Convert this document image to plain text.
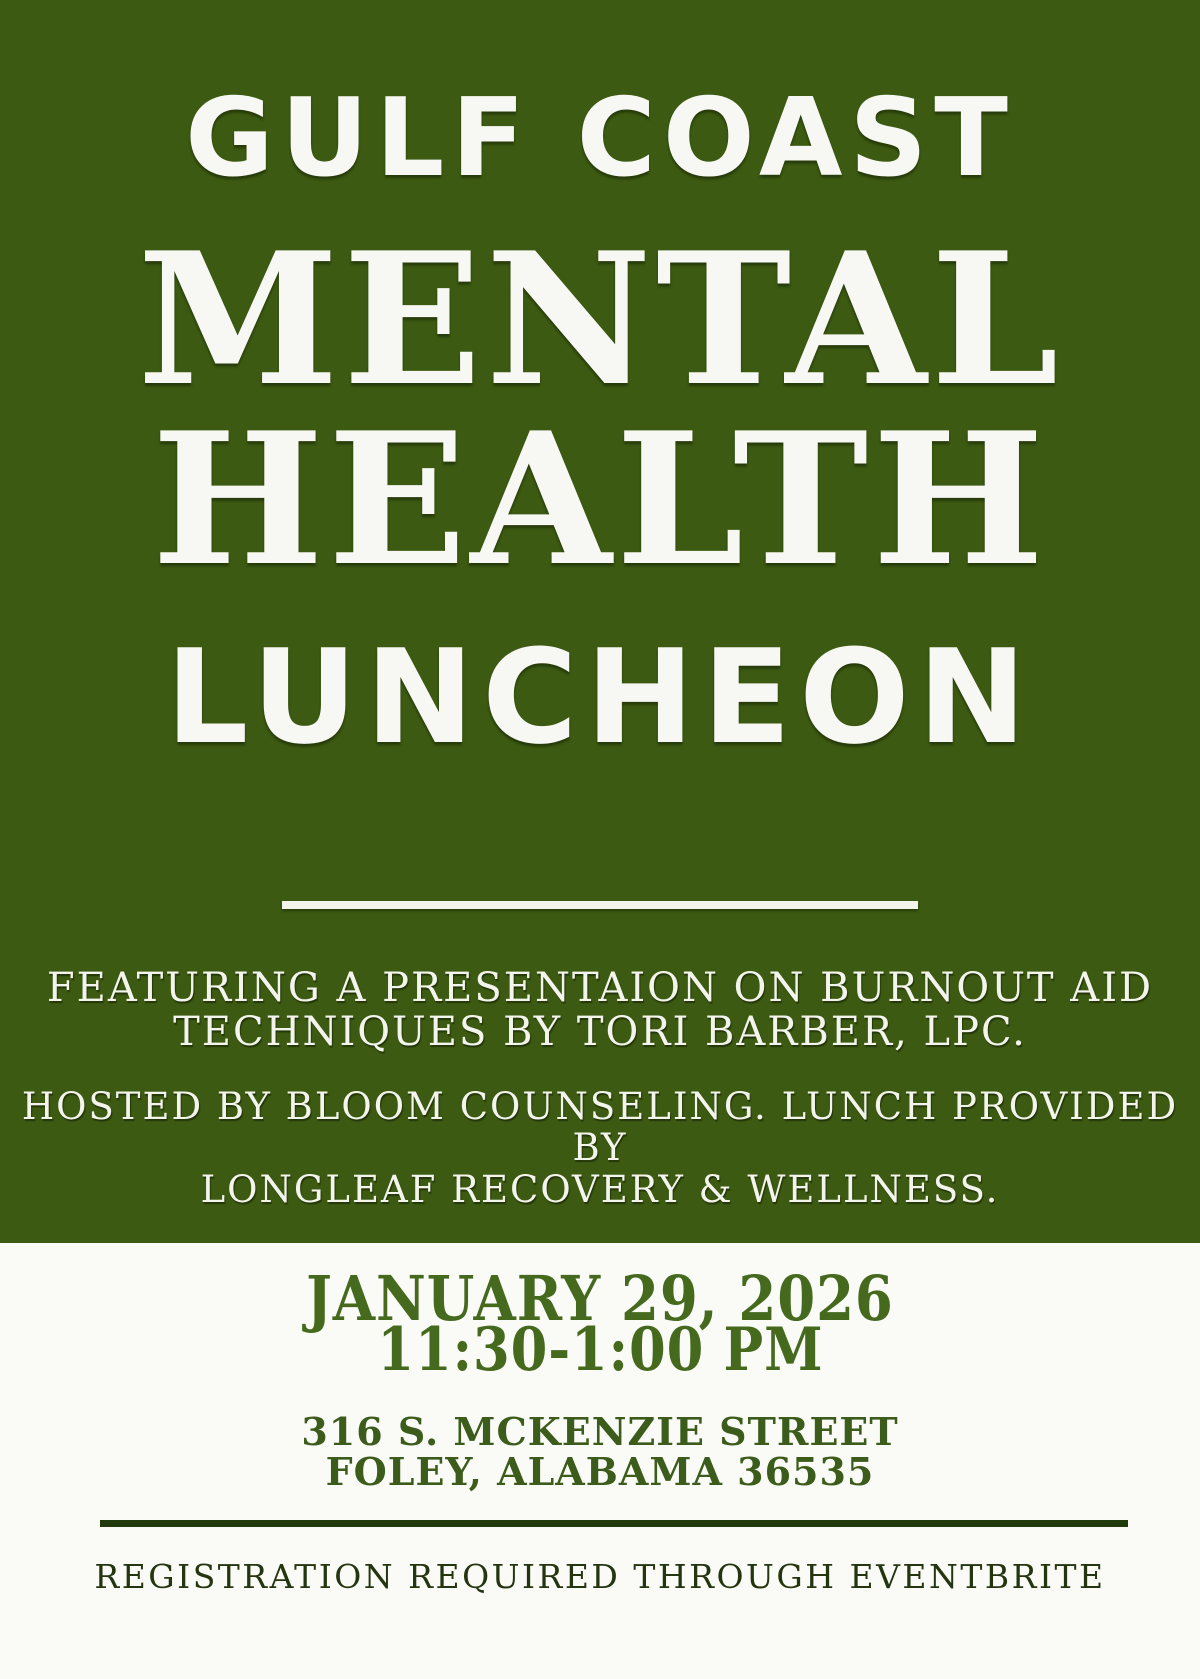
GULF COAST
MENTAL
HEALTH
LUNCHEON
FEATURING A PRESENTAION ON BURNOUT AID
TECHNIQUES BY TORI BARBER, LPC.
HOSTED BY BLOOM COUNSELING. LUNCH PROVIDED BY
LONGLEAF RECOVERY & WELLNESS.
JANUARY 29, 2026
11:30-1:00 PM
316 S. MCKENZIE STREET
FOLEY, ALABAMA 36535
REGISTRATION REQUIRED THROUGH EVENTBRITE
